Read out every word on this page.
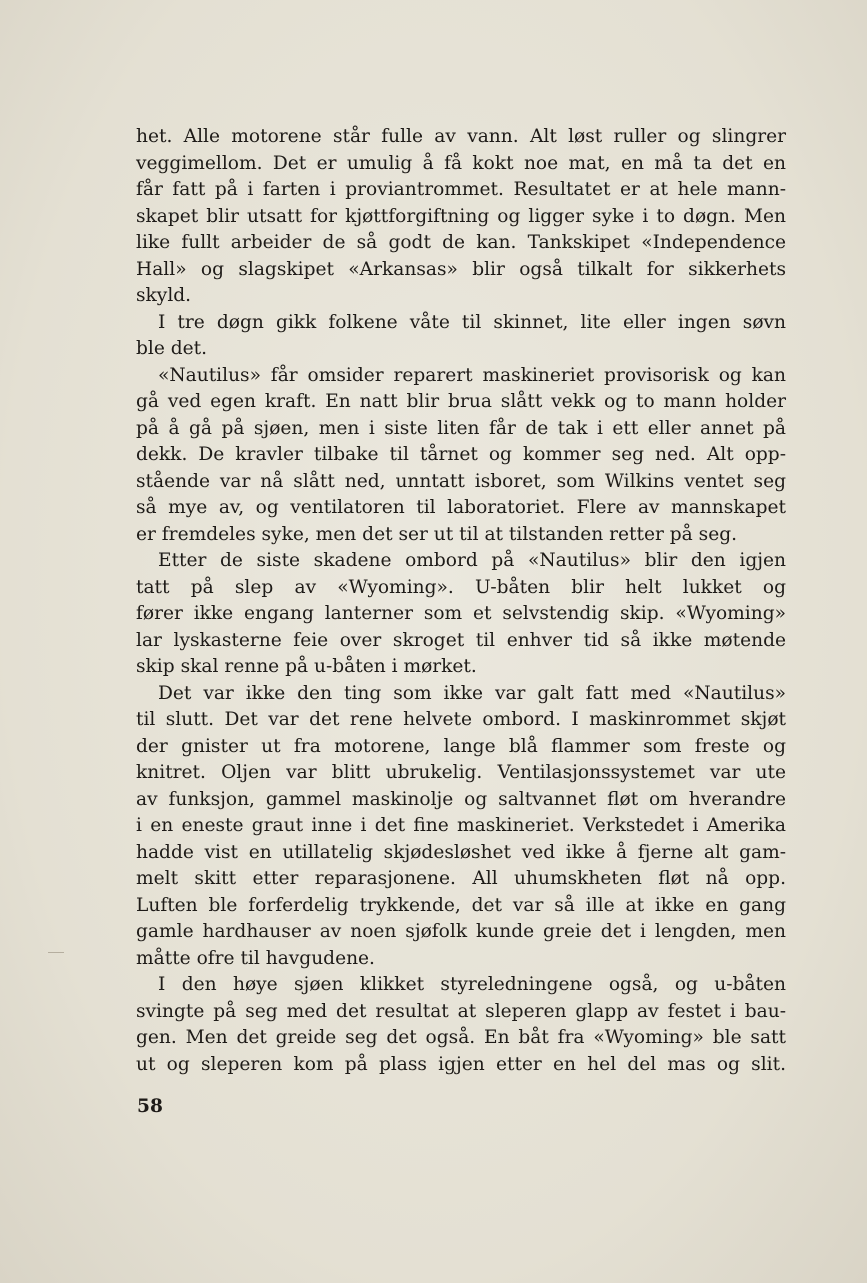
het. Alle motorene står fulle av vann. Alt løst ruller og slingrer
veggimellom. Det er umulig å få kokt noe mat, en må ta det en
får fatt på i farten i proviantrommet. Resultatet er at hele mann-
skapet blir utsatt for kjøttforgiftning og ligger syke i to døgn. Men
like fullt arbeider de så godt de kan. Tankskipet «Independence
Hall» og slagskipet «Arkansas» blir også tilkalt for sikkerhets
skyld.
I tre døgn gikk folkene våte til skinnet, lite eller ingen søvn
ble det.
«Nautilus» får omsider reparert maskineriet provisorisk og kan
gå ved egen kraft. En natt blir brua slått vekk og to mann holder
på å gå på sjøen, men i siste liten får de tak i ett eller annet på
dekk. De kravler tilbake til tårnet og kommer seg ned. Alt opp-
stående var nå slått ned, unntatt isboret, som Wilkins ventet seg
så mye av, og ventilatoren til laboratoriet. Flere av mannskapet
er fremdeles syke, men det ser ut til at tilstanden retter på seg.
Etter de siste skadene ombord på «Nautilus» blir den igjen
tatt på slep av «Wyoming». U-båten blir helt lukket og
fører ikke engang lanterner som et selvstendig skip. «Wyoming»
lar lyskasterne feie over skroget til enhver tid så ikke møtende
skip skal renne på u-båten i mørket.
Det var ikke den ting som ikke var galt fatt med «Nautilus»
til slutt. Det var det rene helvete ombord. I maskinrommet skjøt
der gnister ut fra motorene, lange blå flammer som freste og
knitret. Oljen var blitt ubrukelig. Ventilasjonssystemet var ute
av funksjon, gammel maskinolje og saltvannet fløt om hverandre
i en eneste graut inne i det fine maskineriet. Verkstedet i Amerika
hadde vist en utillatelig skjødesløshet ved ikke å fjerne alt gam-
melt skitt etter reparasjonene. All uhumskheten fløt nå opp.
Luften ble forferdelig trykkende, det var så ille at ikke en gang
gamle hardhauser av noen sjøfolk kunde greie det i lengden, men
måtte ofre til havgudene.
I den høye sjøen klikket styreledningene også, og u-båten
svingte på seg med det resultat at sleperen glapp av festet i bau-
gen. Men det greide seg det også. En båt fra «Wyoming» ble satt
ut og sleperen kom på plass igjen etter en hel del mas og slit.
58
